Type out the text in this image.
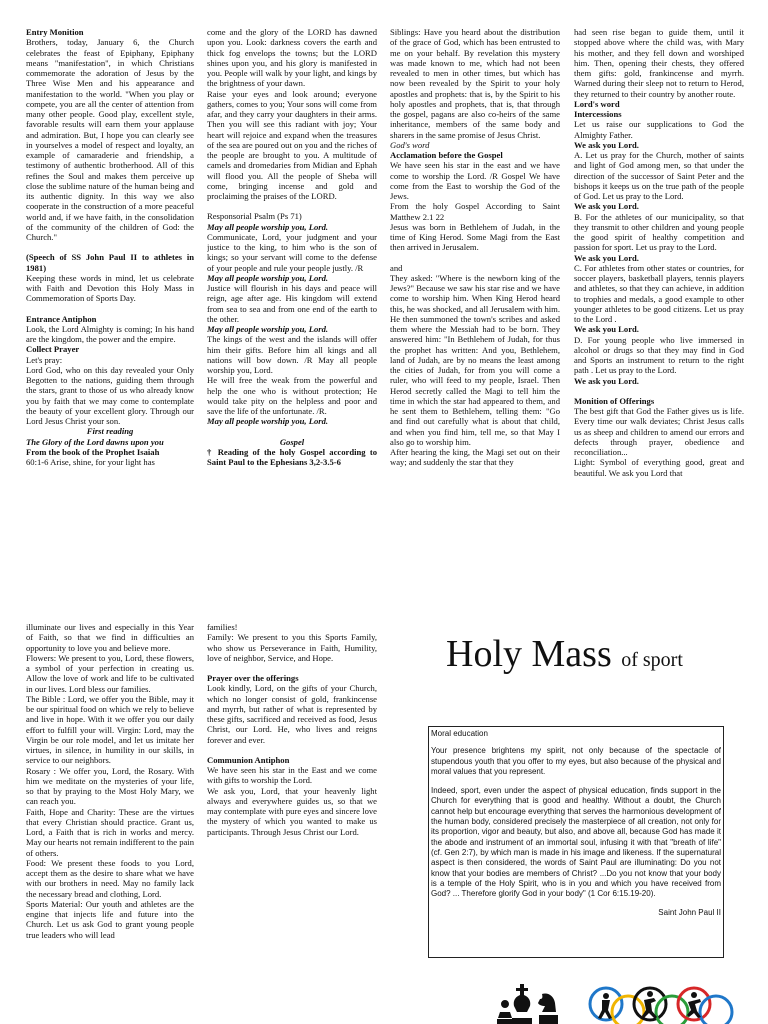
Entry Monition

Brothers, today, January 6, the Church celebrates the feast of Epiphany, Epiphany means "manifestation", in which Christians commemorate the adoration of Jesus by the Three Wise Men and his appearance and manifestation to the world. "When you play or compete, you are all the center of attention from many other people. Good play, excellent style, favorable results will earn them your applause and admiration. But, I hope you can clearly see in yourselves a model of respect and loyalty, an example of camaraderie and friendship, a testimony of authentic brotherhood. All of this refines the Soul and makes them perceive up close the sublime nature of the human being and its authentic dignity. In this way we also cooperate in the construction of a more peaceful world and, if we have faith, in the consolidation of the community of the children of God: the Church."

(Speech of SS John Paul II to athletes in 1981)

Keeping these words in mind, let us celebrate with Faith and Devotion this Holy Mass in Commemoration of Sports Day.

Entrance Antiphon

Look, the Lord Almighty is coming; In his hand are the kingdom, the power and the empire.

Collect Prayer

Let's pray:

Lord God, who on this day revealed your Only Begotten to the nations, guiding them through the stars, grant to those of us who already know you by faith that we may come to contemplate the beauty of your excellent glory. Through our Lord Jesus Christ your son.

First reading

The Glory of the Lord dawns upon you

From the book of the Prophet Isaiah

60:1-6 Arise, shine, for your light has

come and the glory of the LORD has dawned upon you. Look: darkness covers the earth and thick fog envelops the towns; but the LORD shines upon you, and his glory is manifested in you. People will walk by your light, and kings by the brightness of your dawn.

Raise your eyes and look around; everyone gathers, comes to you; Your sons will come from afar, and they carry your daughters in their arms. Then you will see this radiant with joy; Your heart will rejoice and expand when the treasures of the sea are poured out on you and the riches of the people are brought to you. A multitude of camels and dromedaries from Midian and Ephah will flood you. All the people of Sheba will come, bringing incense and gold and proclaiming the praises of the LORD.

Responsorial Psalm (Ps 71)

May all people worship you, Lord.

Communicate, Lord, your judgment and your justice to the king, to him who is the son of kings; so your servant will come to the defense of your people and rule your people justly. /R

May all people worship you, Lord.

Justice will flourish in his days and peace will reign, age after age. His kingdom will extend from sea to sea and from one end of the earth to the other.

May all people worship you, Lord.

The kings of the west and the islands will offer him their gifts. Before him all kings and all nations will bow down. /R May all people worship you, Lord.

He will free the weak from the powerful and help the one who is without protection; He would take pity on the helpless and poor and save the life of the unfortunate. /R.

May all people worship you, Lord.

Gospel

† Reading of the holy Gospel according to Saint Paul to the Ephesians 3,2-3.5-6

Siblings: Have you heard about the distribution of the grace of God, which has been entrusted to me on your behalf. By revelation this mystery was made known to me, which had not been revealed to men in other times, but which has now been revealed by the Spirit to your holy apostles and prophets: that is, by the Spirit to his holy apostles and prophets, that is, that through the gospel, pagans are also co-heirs of the same inheritance, members of the same body and sharers in the same promise of Jesus Christ.

God's word

Acclamation before the Gospel

We have seen his star in the east and we have come to worship the Lord. /R Gospel We have come from the East to worship the God of the Jews.

From the holy Gospel According to Saint Matthew 2.1 22

Jesus was born in Bethlehem of Judah, in the time of King Herod. Some Magi from the East then arrived in Jerusalem.

and

They asked: "Where is the newborn king of the Jews?" Because we saw his star rise and we have come to worship him. When King Herod heard this, he was shocked, and all Jerusalem with him. He then summoned the town's scribes and asked them where the Messiah had to be born. They answered him: "In Bethlehem of Judah, for thus the prophet has written: And you, Bethlehem, land of Judah, are by no means the least among the cities of Judah, for from you will come a ruler, who will feed to my people, Israel. Then Herod secretly called the Magi to tell him the time in which the star had appeared to them, and he sent them to Bethlehem, telling them: "Go and find out carefully what is about that child, and when you find him, tell me, so that May I also go to worship him.

After hearing the king, the Magi set out on their way; and suddenly the star that they

had seen rise began to guide them, until it stopped above where the child was, with Mary his mother, and they fell down and worshiped him. Then, opening their chests, they offered them gifts: gold, frankincense and myrrh. Warned during their sleep not to return to Herod, they returned to their country by another route.

Lord's word

Intercessions

Let us raise our supplications to God the Almighty Father.

We ask you Lord.

A. Let us pray for the Church, mother of saints and light of God among men, so that under the direction of the successor of Saint Peter and the bishops it keeps us on the true path of the people of God. Let us pray to the Lord.

We ask you Lord.

B. For the athletes of our municipality, so that they transmit to other children and young people the good spirit of healthy competition and passion for sport. Let us pray to the Lord.

We ask you Lord.

C. For athletes from other states or countries, for soccer players, basketball players, tennis players and athletes, so that they can achieve, in addition to trophies and medals, a good example to other younger athletes to be good citizens. Let us pray to the Lord .

We ask you Lord.

D. For young people who live immersed in alcohol or drugs so that they may find in God and Sports an instrument to return to the right path . Let us pray to the Lord.

We ask you Lord.

Monition of Offerings

The best gift that God the Father gives us is life. Every time our walk deviates; Christ Jesus calls us as sheep and children to amend our errors and defects through prayer, obedience and reconciliation...

Light: Symbol of everything good, great and beautiful. We ask you Lord that

illuminate our lives and especially in this Year of Faith, so that we find in difficulties an opportunity to love you and believe more.

Flowers: We present to you, Lord, these flowers, a symbol of your perfection in creating us. Allow the love of work and life to be cultivated in our lives. Lord bless our families.

The Bible : Lord, we offer you the Bible, may it be our spiritual food on which we rely to believe and live in hope. With it we offer you our daily effort to fulfill your will. Virgin: Lord, may the Virgin be our role model, and let us imitate her virtues, in silence, in humility in our skills, in service to our neighbors.

Rosary : We offer you, Lord, the Rosary. With him we meditate on the mysteries of your life, so that by praying to the Most Holy Mary, we can reach you.

Faith, Hope and Charity: These are the virtues that every Christian should practice. Grant us, Lord, a Faith that is rich in works and mercy. May our hearts not remain indifferent to the pain of others.

Food: We present these foods to you Lord, accept them as the desire to share what we have with our brothers in need. May no family lack the necessary bread and clothing, Lord.

Sports Material: Our youth and athletes are the engine that injects life and future into the Church. Let us ask God to grant young people true leaders who will lead

families!

Family: We present to you this Sports Family, who show us Perseverance in Faith, Humility, love of neighbor, Service, and Hope.

Prayer over the offerings

Look kindly, Lord, on the gifts of your Church, which no longer consist of gold, frankincense and myrrh, but rather of what is represented by these gifts, sacrificed and received as food, Jesus Christ, our Lord. He, who lives and reigns forever and ever.

Communion Antiphon

We have seen his star in the East and we come with gifts to worship the Lord.

We ask you, Lord, that your heavenly light always and everywhere guides us, so that we may contemplate with pure eyes and sincere love the mystery of which you wanted to make us participants. Through Jesus Christ our Lord.

Holy Mass of sport
Moral education

Your presence brightens my spirit, not only because of the spectacle of stupendous youth that you offer to my eyes, but also because of the physical and moral values that you represent.

Indeed, sport, even under the aspect of physical education, finds support in the Church for everything that is good and healthy. Without a doubt, the Church cannot help but encourage everything that serves the harmonious development of the human body, considered precisely the masterpiece of all creation, not only for its proportion, vigor and beauty, but also, and above all, because God has made it the abode and instrument of an immortal soul, infusing it with that "breath of life" (cf. Gen 2:7), by which man is made in his image and likeness. If the supernatural aspect is then considered, the words of Saint Paul are illuminating: Do you not know that your bodies are members of Christ? ...Do you not know that your body is a temple of the Holy Spirit, who is in you and which you have received from God? ... Therefore glorify God in your body" (1 Cor 6:15.19-20).

Saint John Paul II
